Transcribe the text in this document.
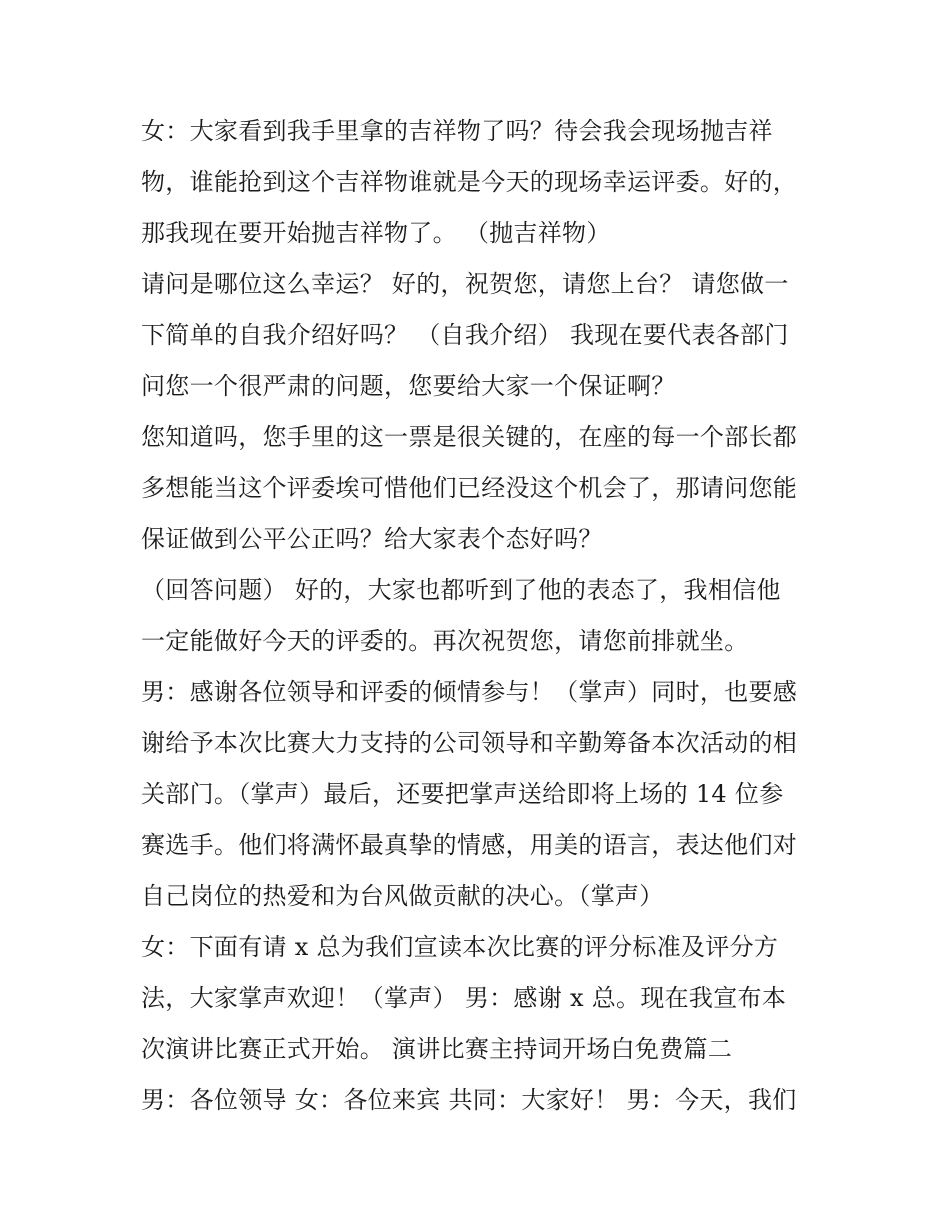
女：大家看到我手里拿的吉祥物了吗？待会我会现场抛吉祥
物，谁能抢到这个吉祥物谁就是今天的现场幸运评委。好的，
那我现在要开始抛吉祥物了。 （抛吉祥物）
请问是哪位这么幸运？ 好的，祝贺您，请您上台？ 请您做一
下简单的自我介绍好吗？ （自我介绍） 我现在要代表各部门
问您一个很严肃的问题，您要给大家一个保证啊？
您知道吗，您手里的这一票是很关键的，在座的每一个部长都
多想能当这个评委埃可惜他们已经没这个机会了，那请问您能
保证做到公平公正吗？给大家表个态好吗？
（回答问题） 好的，大家也都听到了他的表态了，我相信他
一定能做好今天的评委的。再次祝贺您，请您前排就坐。
男：感谢各位领导和评委的倾情参与！（掌声）同时，也要感
谢给予本次比赛大力支持的公司领导和辛勤筹备本次活动的相
关部门。（掌声）最后，还要把掌声送给即将上场的 14 位参
赛选手。他们将满怀最真挚的情感，用美的语言，表达他们对
自己岗位的热爱和为台风做贡献的决心。（掌声）
女：下面有请 x 总为我们宣读本次比赛的评分标准及评分方
法，大家掌声欢迎！（掌声） 男：感谢 x 总。现在我宣布本
次演讲比赛正式开始。 演讲比赛主持词开场白免费篇二
男：各位领导 女：各位来宾 共同：大家好！ 男：今天，我们
